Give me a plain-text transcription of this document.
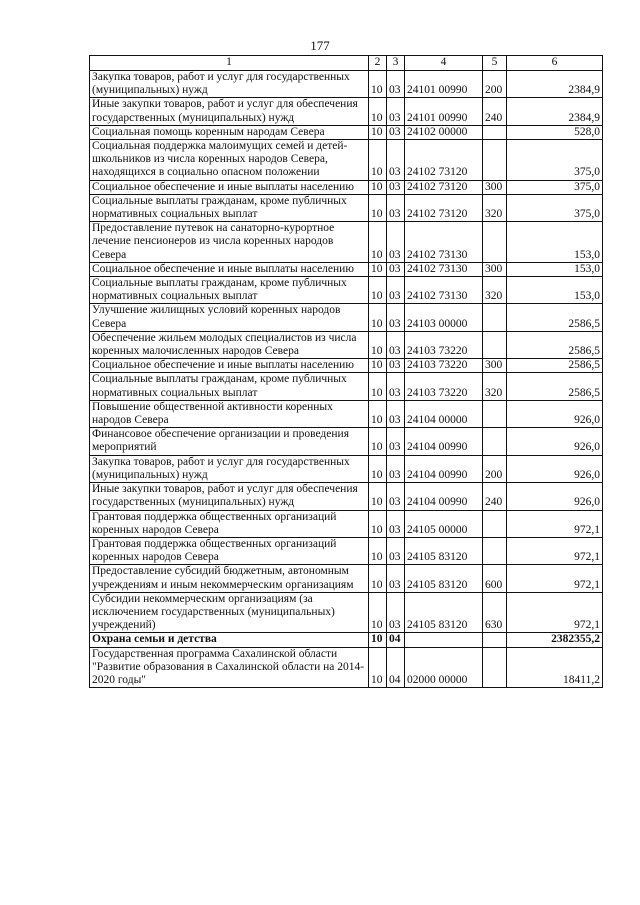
177
1	2	3	4	5	6
Закупка товаров, работ и услуг для государственных (муниципальных) нужд	10	03	24101 00990	200	2384,9
Иные закупки товаров, работ и услуг для обеспечения государственных (муниципальных) нужд	10	03	24101 00990	240	2384,9
Социальная помощь коренным народам Севера	10	03	24102 00000		528,0
Социальная поддержка малоимущих семей и детей-школьников из числа коренных народов Севера, находящихся в социально опасном положении	10	03	24102 73120		375,0
Социальное обеспечение и иные выплаты населению	10	03	24102 73120	300	375,0
Социальные выплаты гражданам, кроме публичных нормативных социальных выплат	10	03	24102 73120	320	375,0
Предоставление путевок на санаторно-курортное лечение пенсионеров из числа коренных народов Севера	10	03	24102 73130		153,0
Социальное обеспечение и иные выплаты населению	10	03	24102 73130	300	153,0
Социальные выплаты гражданам, кроме публичных нормативных социальных выплат	10	03	24102 73130	320	153,0
Улучшение жилищных условий коренных народов Севера	10	03	24103 00000		2586,5
Обеспечение жильем молодых специалистов из числа коренных малочисленных народов Севера	10	03	24103 73220		2586,5
Социальное обеспечение и иные выплаты населению	10	03	24103 73220	300	2586,5
Социальные выплаты гражданам, кроме публичных нормативных социальных выплат	10	03	24103 73220	320	2586,5
Повышение общественной активности коренных народов Севера	10	03	24104 00000		926,0
Финансовое обеспечение организации и проведения мероприятий	10	03	24104 00990		926,0
Закупка товаров, работ и услуг для государственных (муниципальных) нужд	10	03	24104 00990	200	926,0
Иные закупки товаров, работ и услуг для обеспечения государственных (муниципальных) нужд	10	03	24104 00990	240	926,0
Грантовая поддержка общественных организаций коренных народов Севера	10	03	24105 00000		972,1
Грантовая поддержка общественных организаций коренных народов Севера	10	03	24105 83120		972,1
Предоставление субсидий бюджетным, автономным учреждениям и иным некоммерческим организациям	10	03	24105 83120	600	972,1
Субсидии некоммерческим организациям (за исключением государственных (муниципальных) учреждений)	10	03	24105 83120	630	972,1
Охрана семьи и детства	10	04			2382355,2
Государственная программа Сахалинской области "Развитие образования в Сахалинской области на 2014-2020 годы"	10	04	02000 00000		18411,2
